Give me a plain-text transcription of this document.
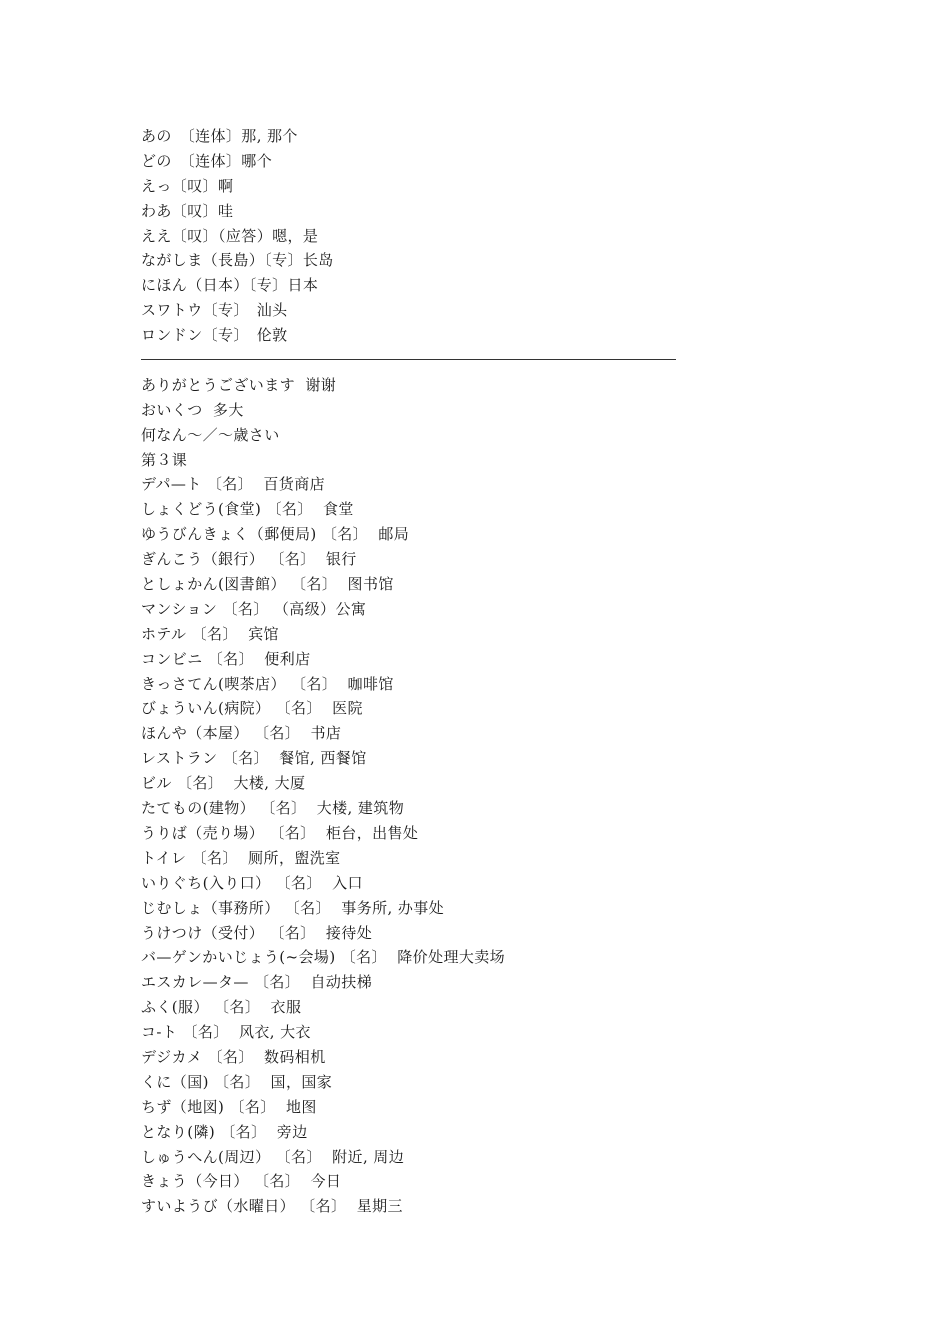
あの　〔连体〕那, 那个
どの　〔连体〕哪个
えっ〔叹〕啊
わあ〔叹〕哇
ええ〔叹〕（应答）嗯，是
ながしま（長島）〔专〕长岛
にほん（日本）〔专〕日本
スワトウ〔专〕　汕头
ロンドン〔专〕　伦敦
ありがとうございます  谢谢
おいくつ  多大
何なん～／～歳さい
第３课
デパ—ト 〔名〕  百货商店
しょくどう(食堂) 〔名〕  食堂
ゆうびんきょく（郵便局) 〔名〕  邮局
ぎんこう（銀行） 〔名〕  银行
としょかん(図書館） 〔名〕  图书馆
マンション 〔名〕 （高级）公寓
ホテル 〔名〕  宾馆
コンビニ 〔名〕  便利店
きっさてん(喫茶店） 〔名〕  咖啡馆
びょういん(病院） 〔名〕  医院
ほんや（本屋） 〔名〕  书店
レストラン 〔名〕  餐馆, 西餐馆
ビル 〔名〕  大楼, 大厦
たてもの(建物） 〔名〕  大楼, 建筑物
うりば（売り場） 〔名〕  柜台，出售处
トイレ 〔名〕  厕所，盥洗室
いりぐち(入り口） 〔名〕  入口
じむしょ（事務所） 〔名〕  事务所, 办事处
うけつけ（受付） 〔名〕  接待处
バ—ゲンかいじょう(~会場) 〔名〕  降价处理大卖场
エスカレ—タ— 〔名〕  自动扶梯
ふく(服） 〔名〕  衣服
コ-ト 〔名〕  风衣, 大衣
デジカメ 〔名〕  数码相机
くに（国) 〔名〕  国，国家
ちず（地図) 〔名〕  地图
となり(隣) 〔名〕  旁边
しゅうへん(周辺） 〔名〕  附近, 周边
きょう（今日） 〔名〕  今日
すいようび（水曜日） 〔名〕  星期三
